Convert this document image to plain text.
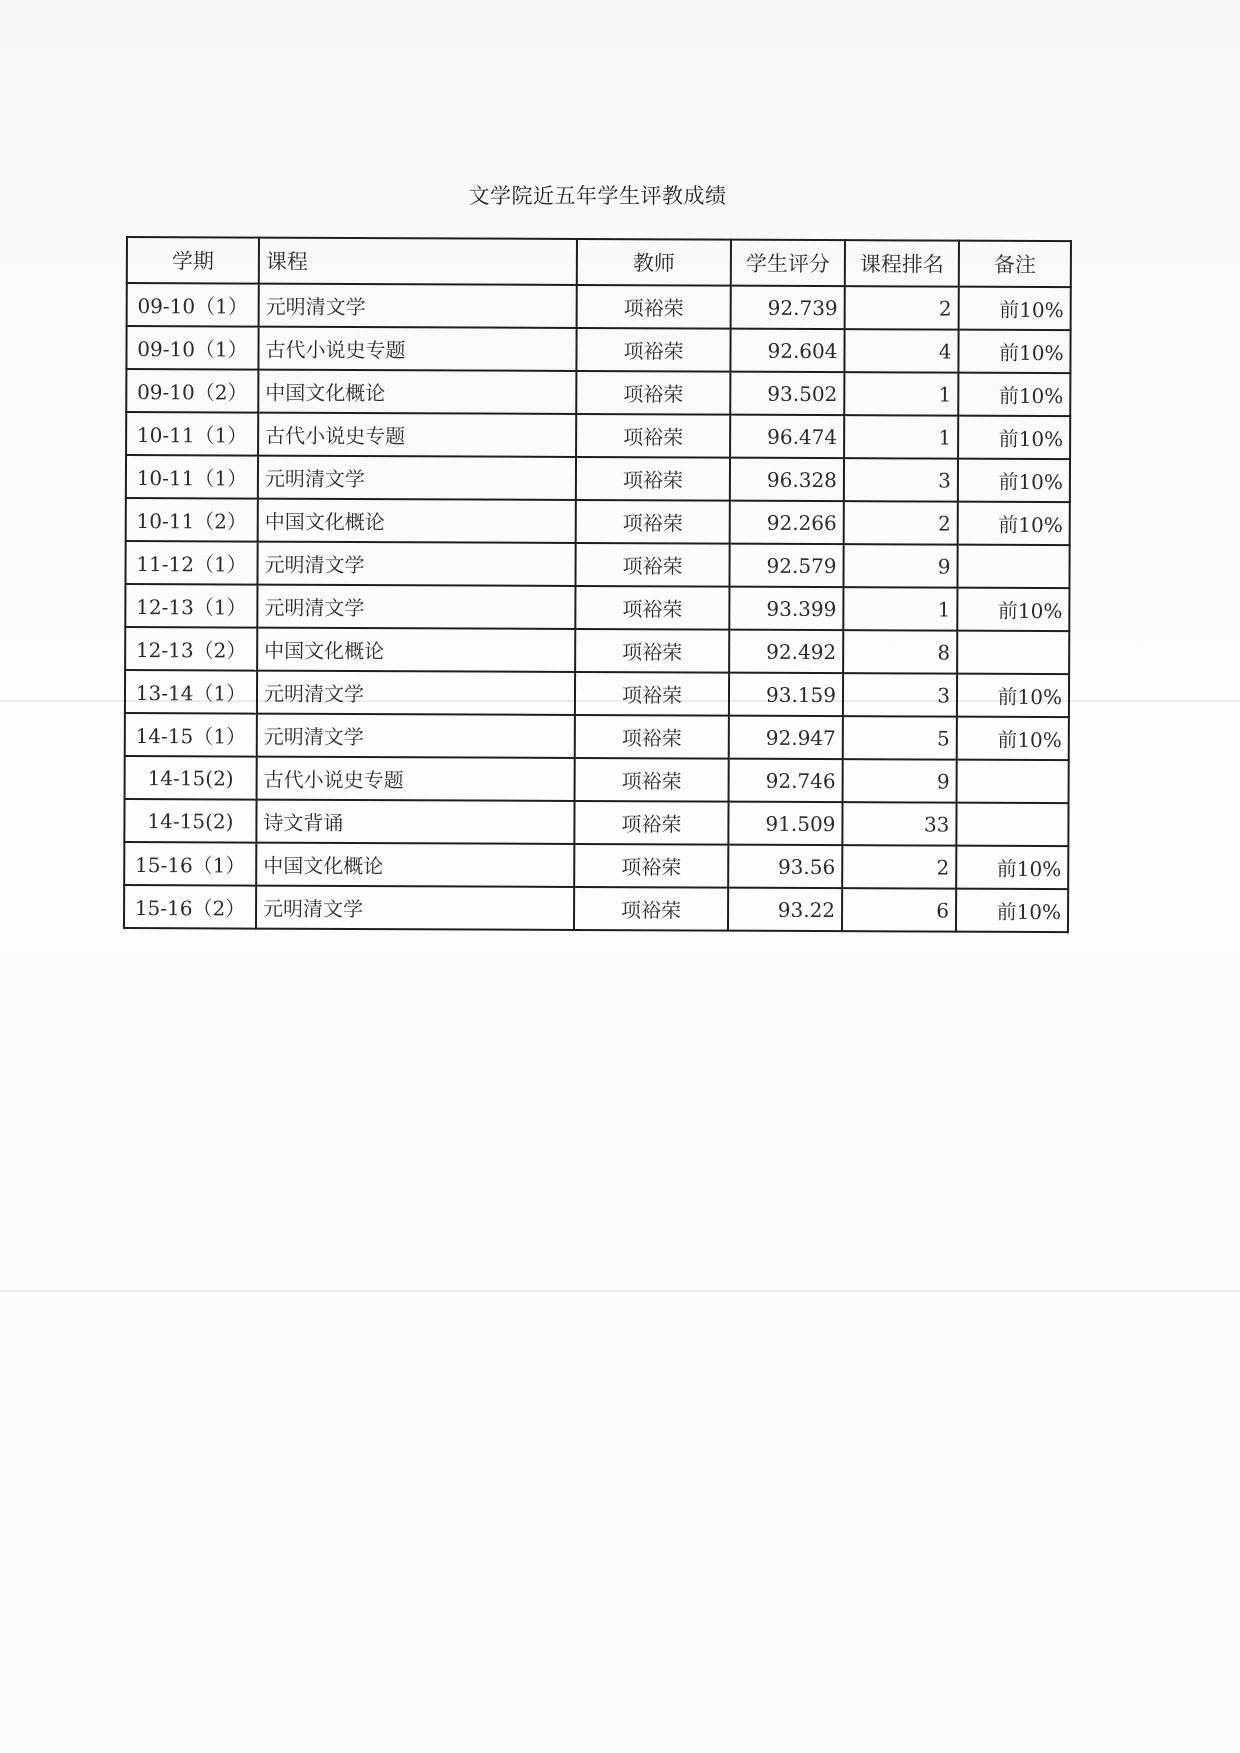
文学院近五年学生评教成绩
学期	课程	教师	学生评分	课程排名	备注
09-10（1）	元明清文学	项裕荣	92.739	2	前10%
09-10（1）	古代小说史专题	项裕荣	92.604	4	前10%
09-10（2）	中国文化概论	项裕荣	93.502	1	前10%
10-11（1）	古代小说史专题	项裕荣	96.474	1	前10%
10-11（1）	元明清文学	项裕荣	96.328	3	前10%
10-11（2）	中国文化概论	项裕荣	92.266	2	前10%
11-12（1）	元明清文学	项裕荣	92.579	9	
12-13（1）	元明清文学	项裕荣	93.399	1	前10%
12-13（2）	中国文化概论	项裕荣	92.492	8	
13-14（1）	元明清文学	项裕荣	93.159	3	前10%
14-15（1）	元明清文学	项裕荣	92.947	5	前10%
14-15(2)	古代小说史专题	项裕荣	92.746	9	
14-15(2)	诗文背诵	项裕荣	91.509	33	
15-16（1）	中国文化概论	项裕荣	93.56	2	前10%
15-16（2）	元明清文学	项裕荣	93.22	6	前10%
